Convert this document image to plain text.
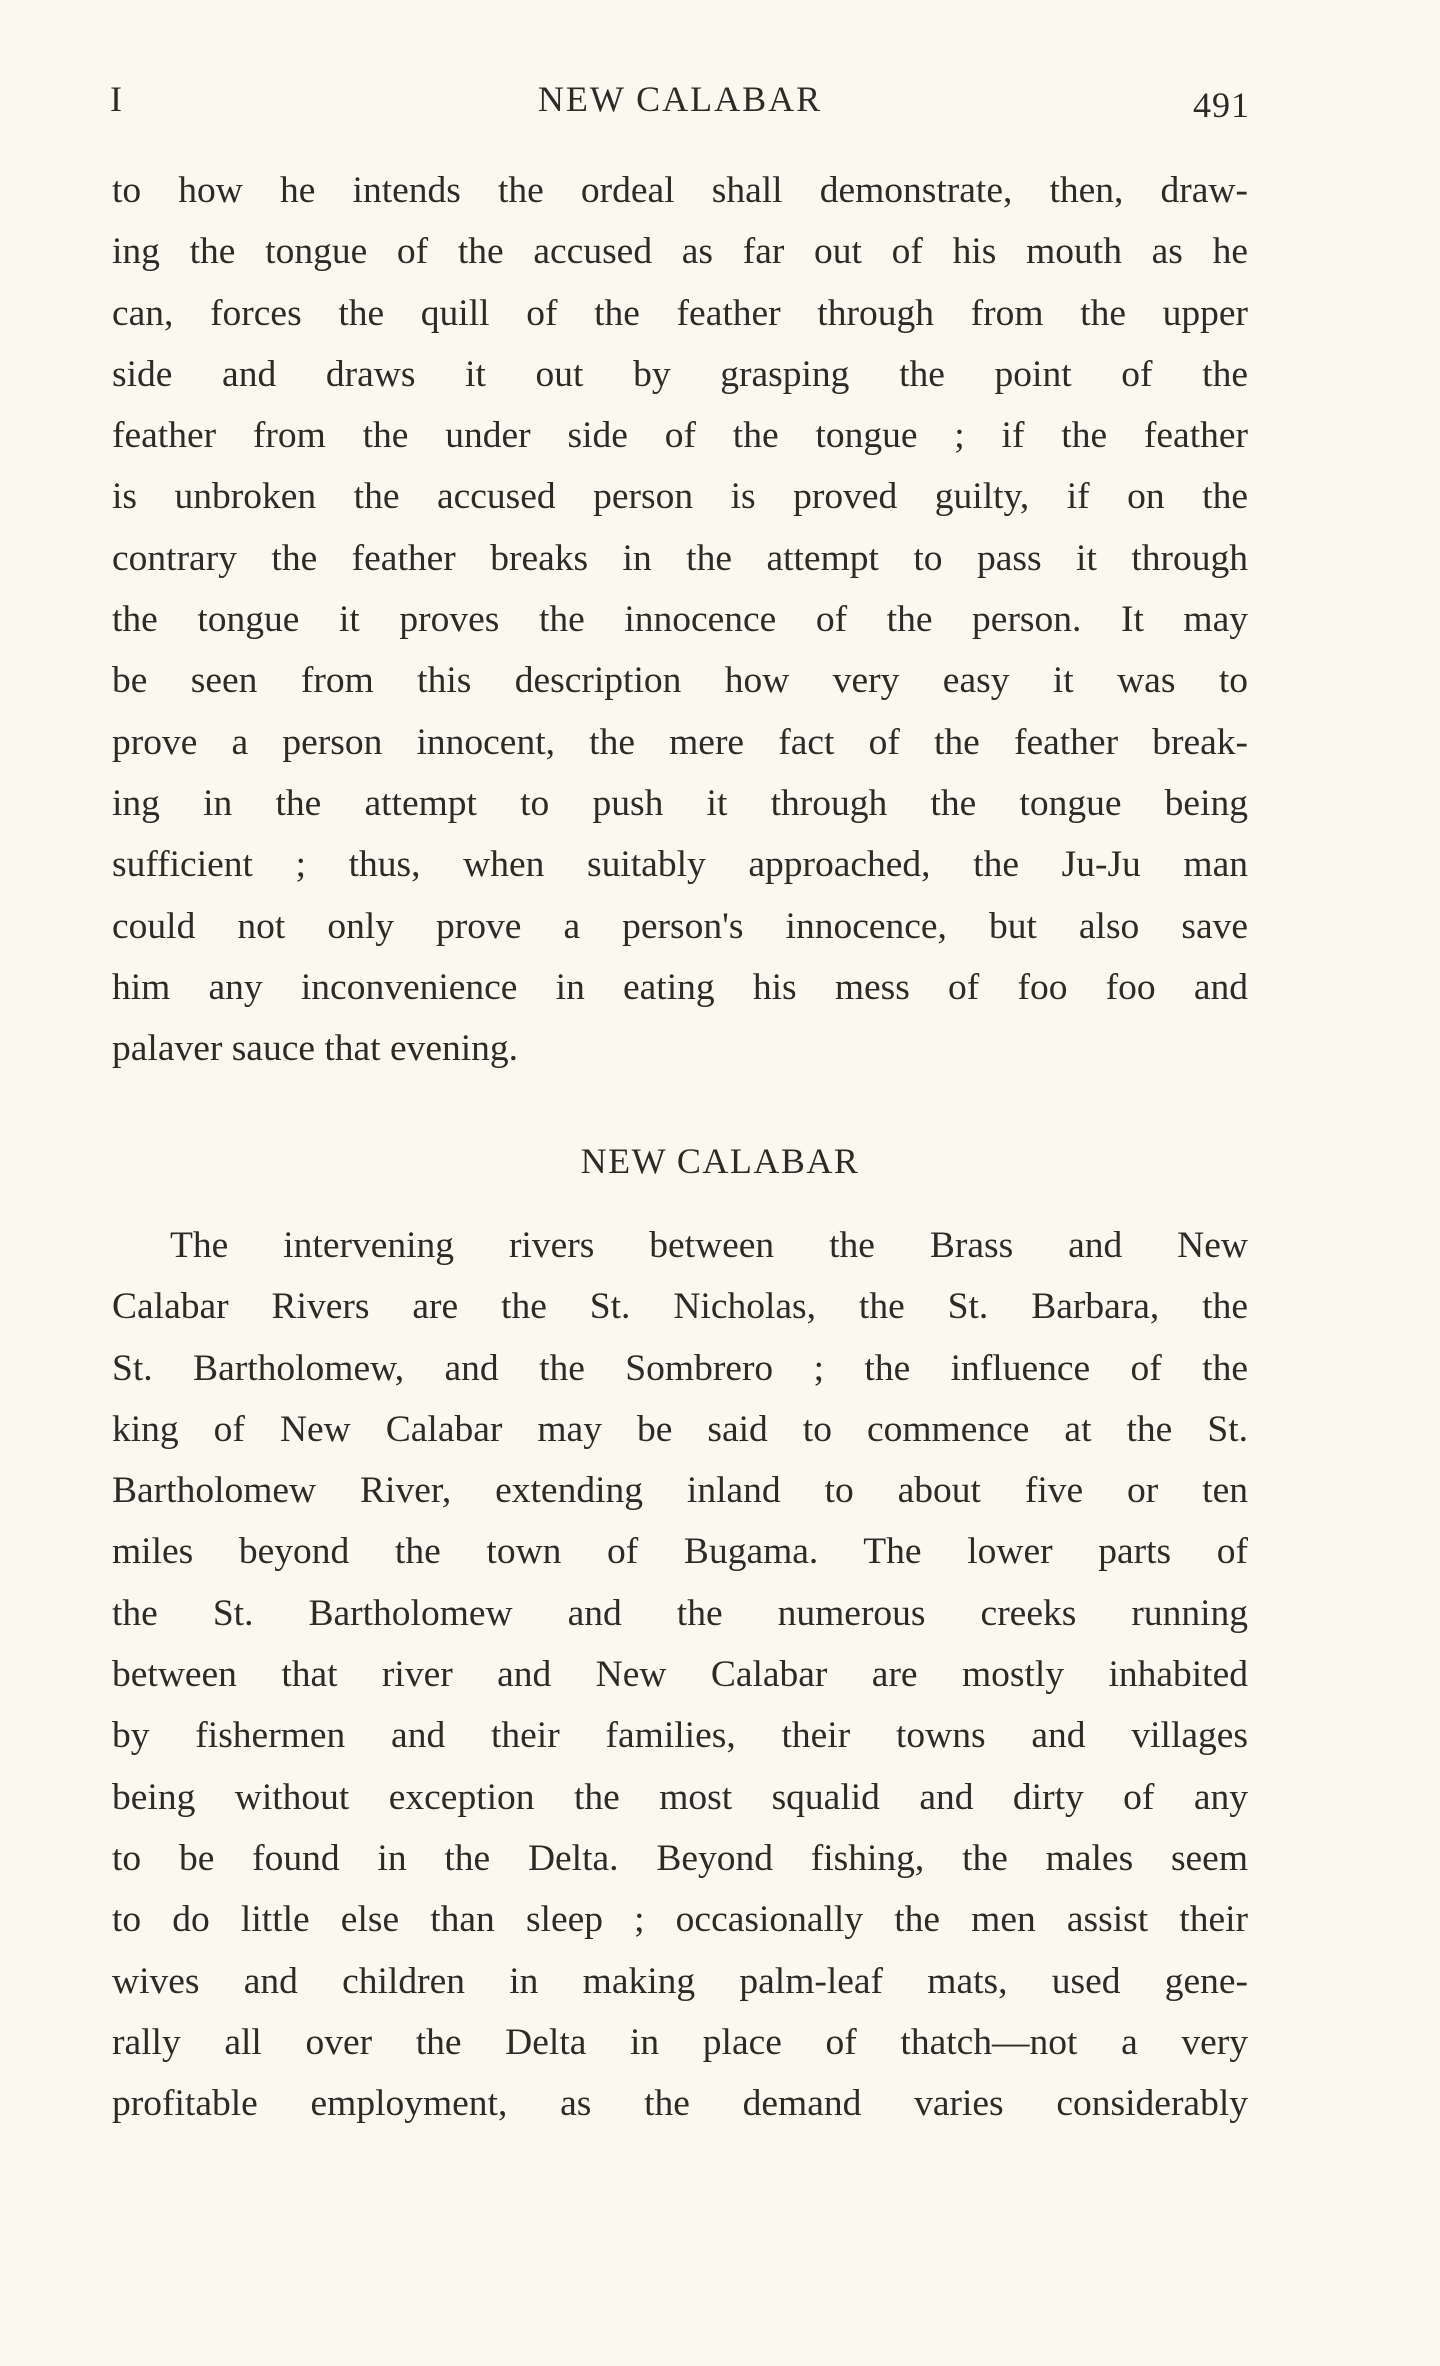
I	NEW CALABAR	491
to how he intends the ordeal shall demonstrate, then, draw-
ing the tongue of the accused as far out of his mouth as he
can, forces the quill of the feather through from the upper
side and draws it out by grasping the point of the
feather from the under side of the tongue ; if the feather
is unbroken the accused person is proved guilty, if on the
contrary the feather breaks in the attempt to pass it through
the tongue it proves the innocence of the person. It may
be seen from this description how very easy it was to
prove a person innocent, the mere fact of the feather break-
ing in the attempt to push it through the tongue being
sufficient ; thus, when suitably approached, the Ju-Ju man
could not only prove a person's innocence, but also save
him any inconvenience in eating his mess of foo foo and
palaver sauce that evening.
NEW CALABAR
The intervening rivers between the Brass and New
Calabar Rivers are the St. Nicholas, the St. Barbara, the
St. Bartholomew, and the Sombrero ; the influence of the
king of New Calabar may be said to commence at the St.
Bartholomew River, extending inland to about five or ten
miles beyond the town of Bugama. The lower parts of
the St. Bartholomew and the numerous creeks running
between that river and New Calabar are mostly inhabited
by fishermen and their families, their towns and villages
being without exception the most squalid and dirty of any
to be found in the Delta. Beyond fishing, the males seem
to do little else than sleep ; occasionally the men assist their
wives and children in making palm-leaf mats, used gene-
rally all over the Delta in place of thatch—not a very
profitable employment, as the demand varies considerably
